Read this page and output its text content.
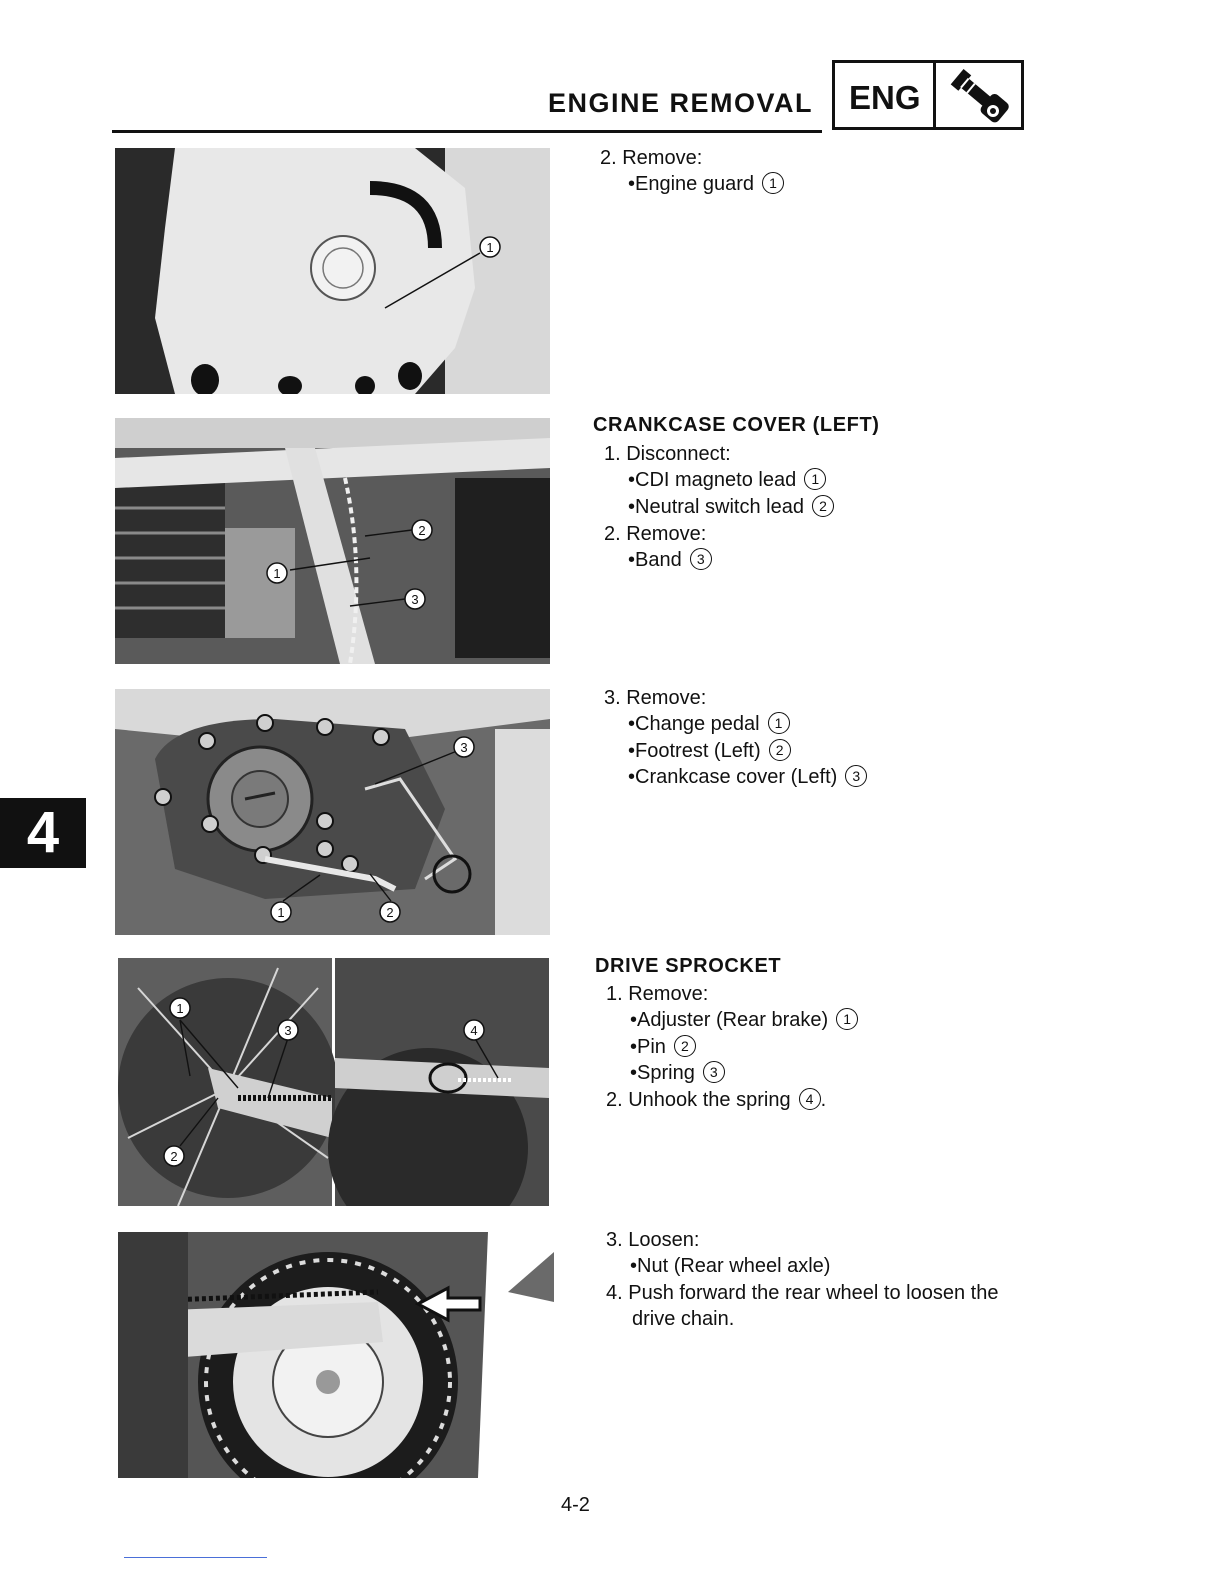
ENGINE REMOVAL ENG
1
1
2
3
1	2
3
1
2
3	4
2. Remove:
• Engine guard 1
CRANKCASE COVER (LEFT)
1. Disconnect:
• CDI magneto lead 1
• Neutral switch lead 2
2. Remove:
• Band 3
3. Remove:
• Change pedal 1
• Footrest (Left) 2
• Crankcase cover (Left) 3
DRIVE SPROCKET
1. Remove:
• Adjuster (Rear brake) 1
• Pin 2
• Spring 3
2. Unhook the spring 4 .
3. Loosen:
• Nut (Rear wheel axle)
4. Push forward the rear wheel to loosen the
drive chain.
4
4-2
